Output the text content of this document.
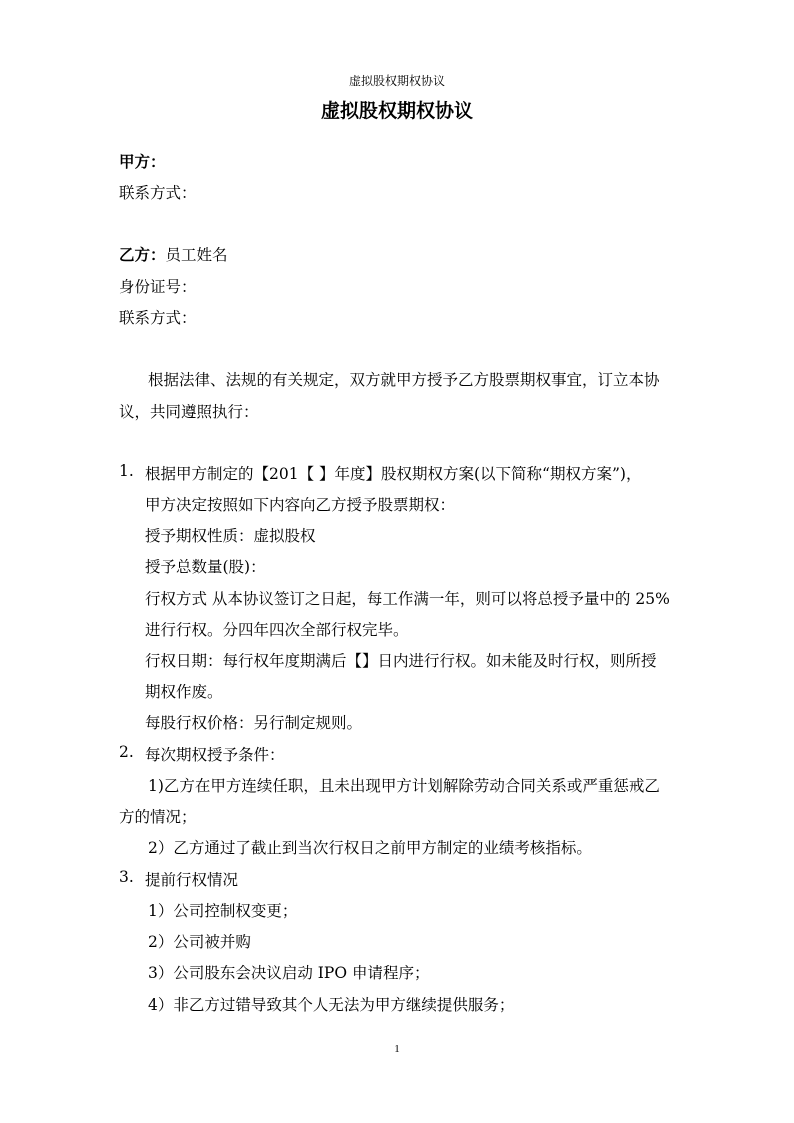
虚拟股权期权协议
虚拟股权期权协议
甲方：
联系方式：
乙方：员工姓名
身份证号：
联系方式：
根据法律、法规的有关规定，双方就甲方授予乙方股票期权事宜，订立本协
议，共同遵照执行：
1. 根据甲方制定的【201【 】年度】股权期权方案(以下简称“期权方案”)，
甲方决定按照如下内容向乙方授予股票期权：
授予期权性质：虚拟股权
授予总数量(股)：
行权方式 从本协议签订之日起，每工作满一年，则可以将总授予量中的 25%
进行行权。分四年四次全部行权完毕。
行权日期：每行权年度期满后【】日内进行行权。如未能及时行权，则所授
期权作废。
每股行权价格：另行制定规则。
2. 每次期权授予条件：
1)乙方在甲方连续任职，且未出现甲方计划解除劳动合同关系或严重惩戒乙
方的情况；
2）乙方通过了截止到当次行权日之前甲方制定的业绩考核指标。
3. 提前行权情况
1）公司控制权变更；
2）公司被并购
3）公司股东会决议启动 IPO 申请程序；
4）非乙方过错导致其个人无法为甲方继续提供服务；
1
